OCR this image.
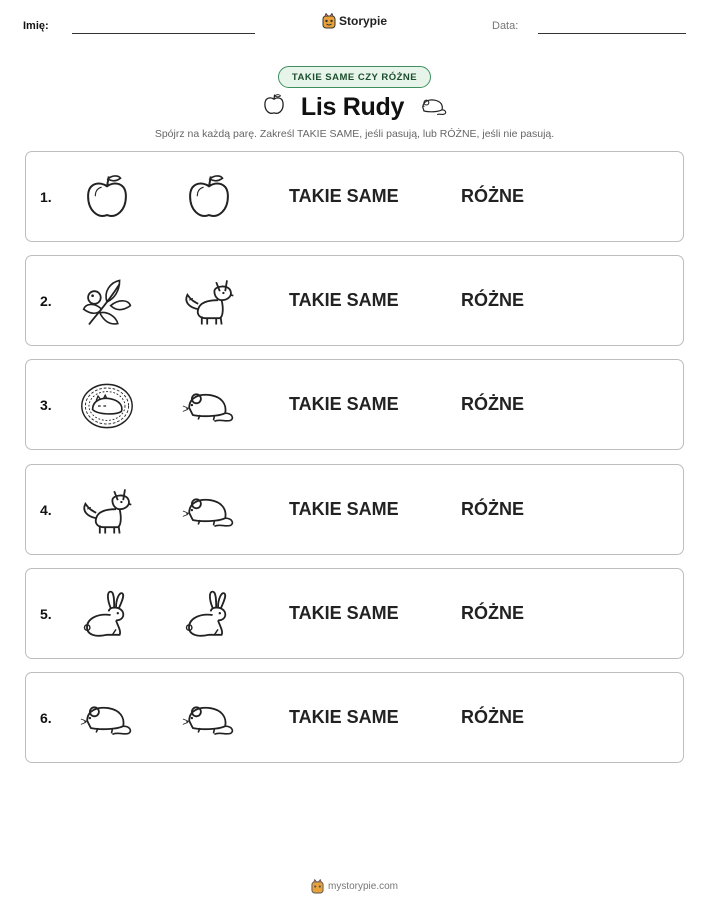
Imię:	Storypie	Data:
TAKIE SAME CZY RÓŻNE
Lis Rudy
Spójrz na każdą parę. Zakreśl TAKIE SAME, jeśli pasują, lub RÓŻNE, jeśli nie pasują.
1.	TAKIE SAME	RÓŻNE
2.	TAKIE SAME	RÓŻNE
3.	TAKIE SAME	RÓŻNE
4.	TAKIE SAME	RÓŻNE
5.	TAKIE SAME	RÓŻNE
6.	TAKIE SAME	RÓŻNE
mystorypie.com
